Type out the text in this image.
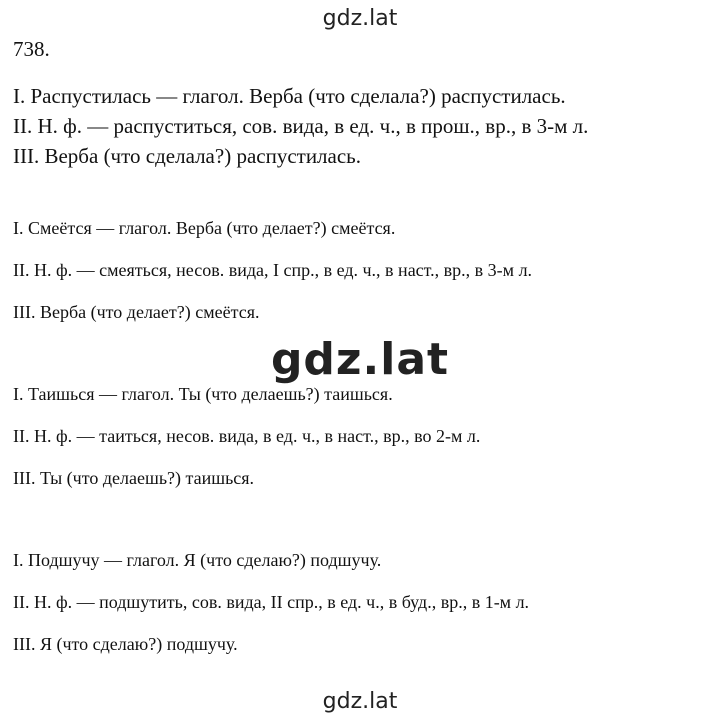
gdz.lat
738.
I. Распустилась — глагол. Верба (что сделала?) распустилась.
II. Н. ф. — распуститься, сов. вида, в ед. ч., в прош., вр., в 3-м л.
III. Верба (что сделала?) распустилась.
I. Смеётся — глагол. Верба (что делает?) смеётся.
II. Н. ф. — смеяться, несов. вида, I спр., в ед. ч., в наст., вр., в 3-м л.
III. Верба (что делает?) смеётся.
gdz.lat
I. Таишься — глагол. Ты (что делаешь?) таишься.
II. Н. ф. — таиться, несов. вида, в ед. ч., в наст., вр., во 2-м л.
III. Ты (что делаешь?) таишься.
I. Подшучу — глагол. Я (что сделаю?) подшучу.
II. Н. ф. — подшутить, сов. вида, II спр., в ед. ч., в буд., вр., в 1-м л.
III. Я (что сделаю?) подшучу.
gdz.lat
